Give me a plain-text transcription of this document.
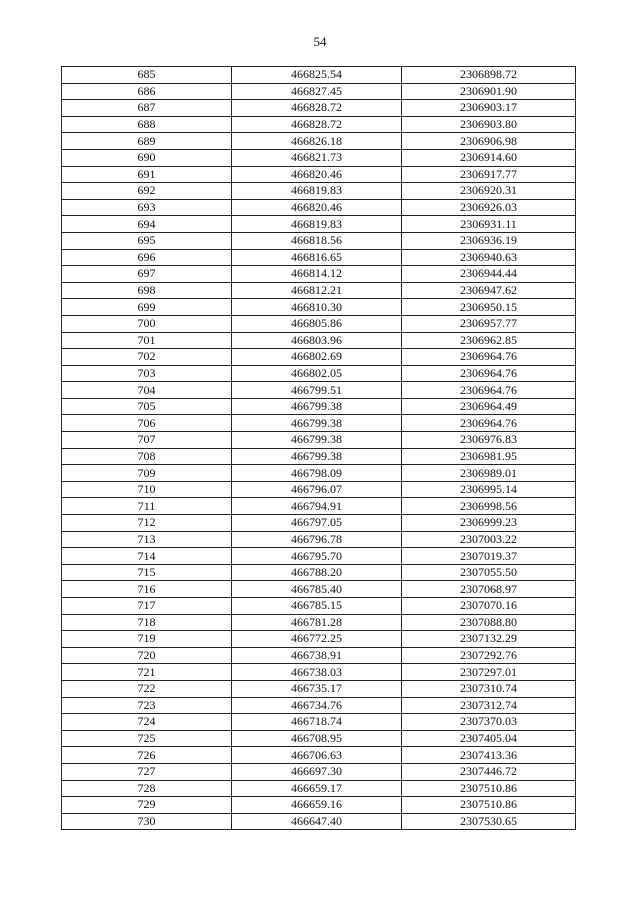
54
685	466825.54	2306898.72
686	466827.45	2306901.90
687	466828.72	2306903.17
688	466828.72	2306903.80
689	466826.18	2306906.98
690	466821.73	2306914.60
691	466820.46	2306917.77
692	466819.83	2306920.31
693	466820.46	2306926.03
694	466819.83	2306931.11
695	466818.56	2306936.19
696	466816.65	2306940.63
697	466814.12	2306944.44
698	466812.21	2306947.62
699	466810.30	2306950.15
700	466805.86	2306957.77
701	466803.96	2306962.85
702	466802.69	2306964.76
703	466802.05	2306964.76
704	466799.51	2306964.76
705	466799.38	2306964.49
706	466799.38	2306964.76
707	466799.38	2306976.83
708	466799.38	2306981.95
709	466798.09	2306989.01
710	466796.07	2306995.14
711	466794.91	2306998.56
712	466797.05	2306999.23
713	466796.78	2307003.22
714	466795.70	2307019.37
715	466788.20	2307055.50
716	466785.40	2307068.97
717	466785.15	2307070.16
718	466781.28	2307088.80
719	466772.25	2307132.29
720	466738.91	2307292.76
721	466738.03	2307297.01
722	466735.17	2307310.74
723	466734.76	2307312.74
724	466718.74	2307370.03
725	466708.95	2307405.04
726	466706.63	2307413.36
727	466697.30	2307446.72
728	466659.17	2307510.86
729	466659.16	2307510.86
730	466647.40	2307530.65
